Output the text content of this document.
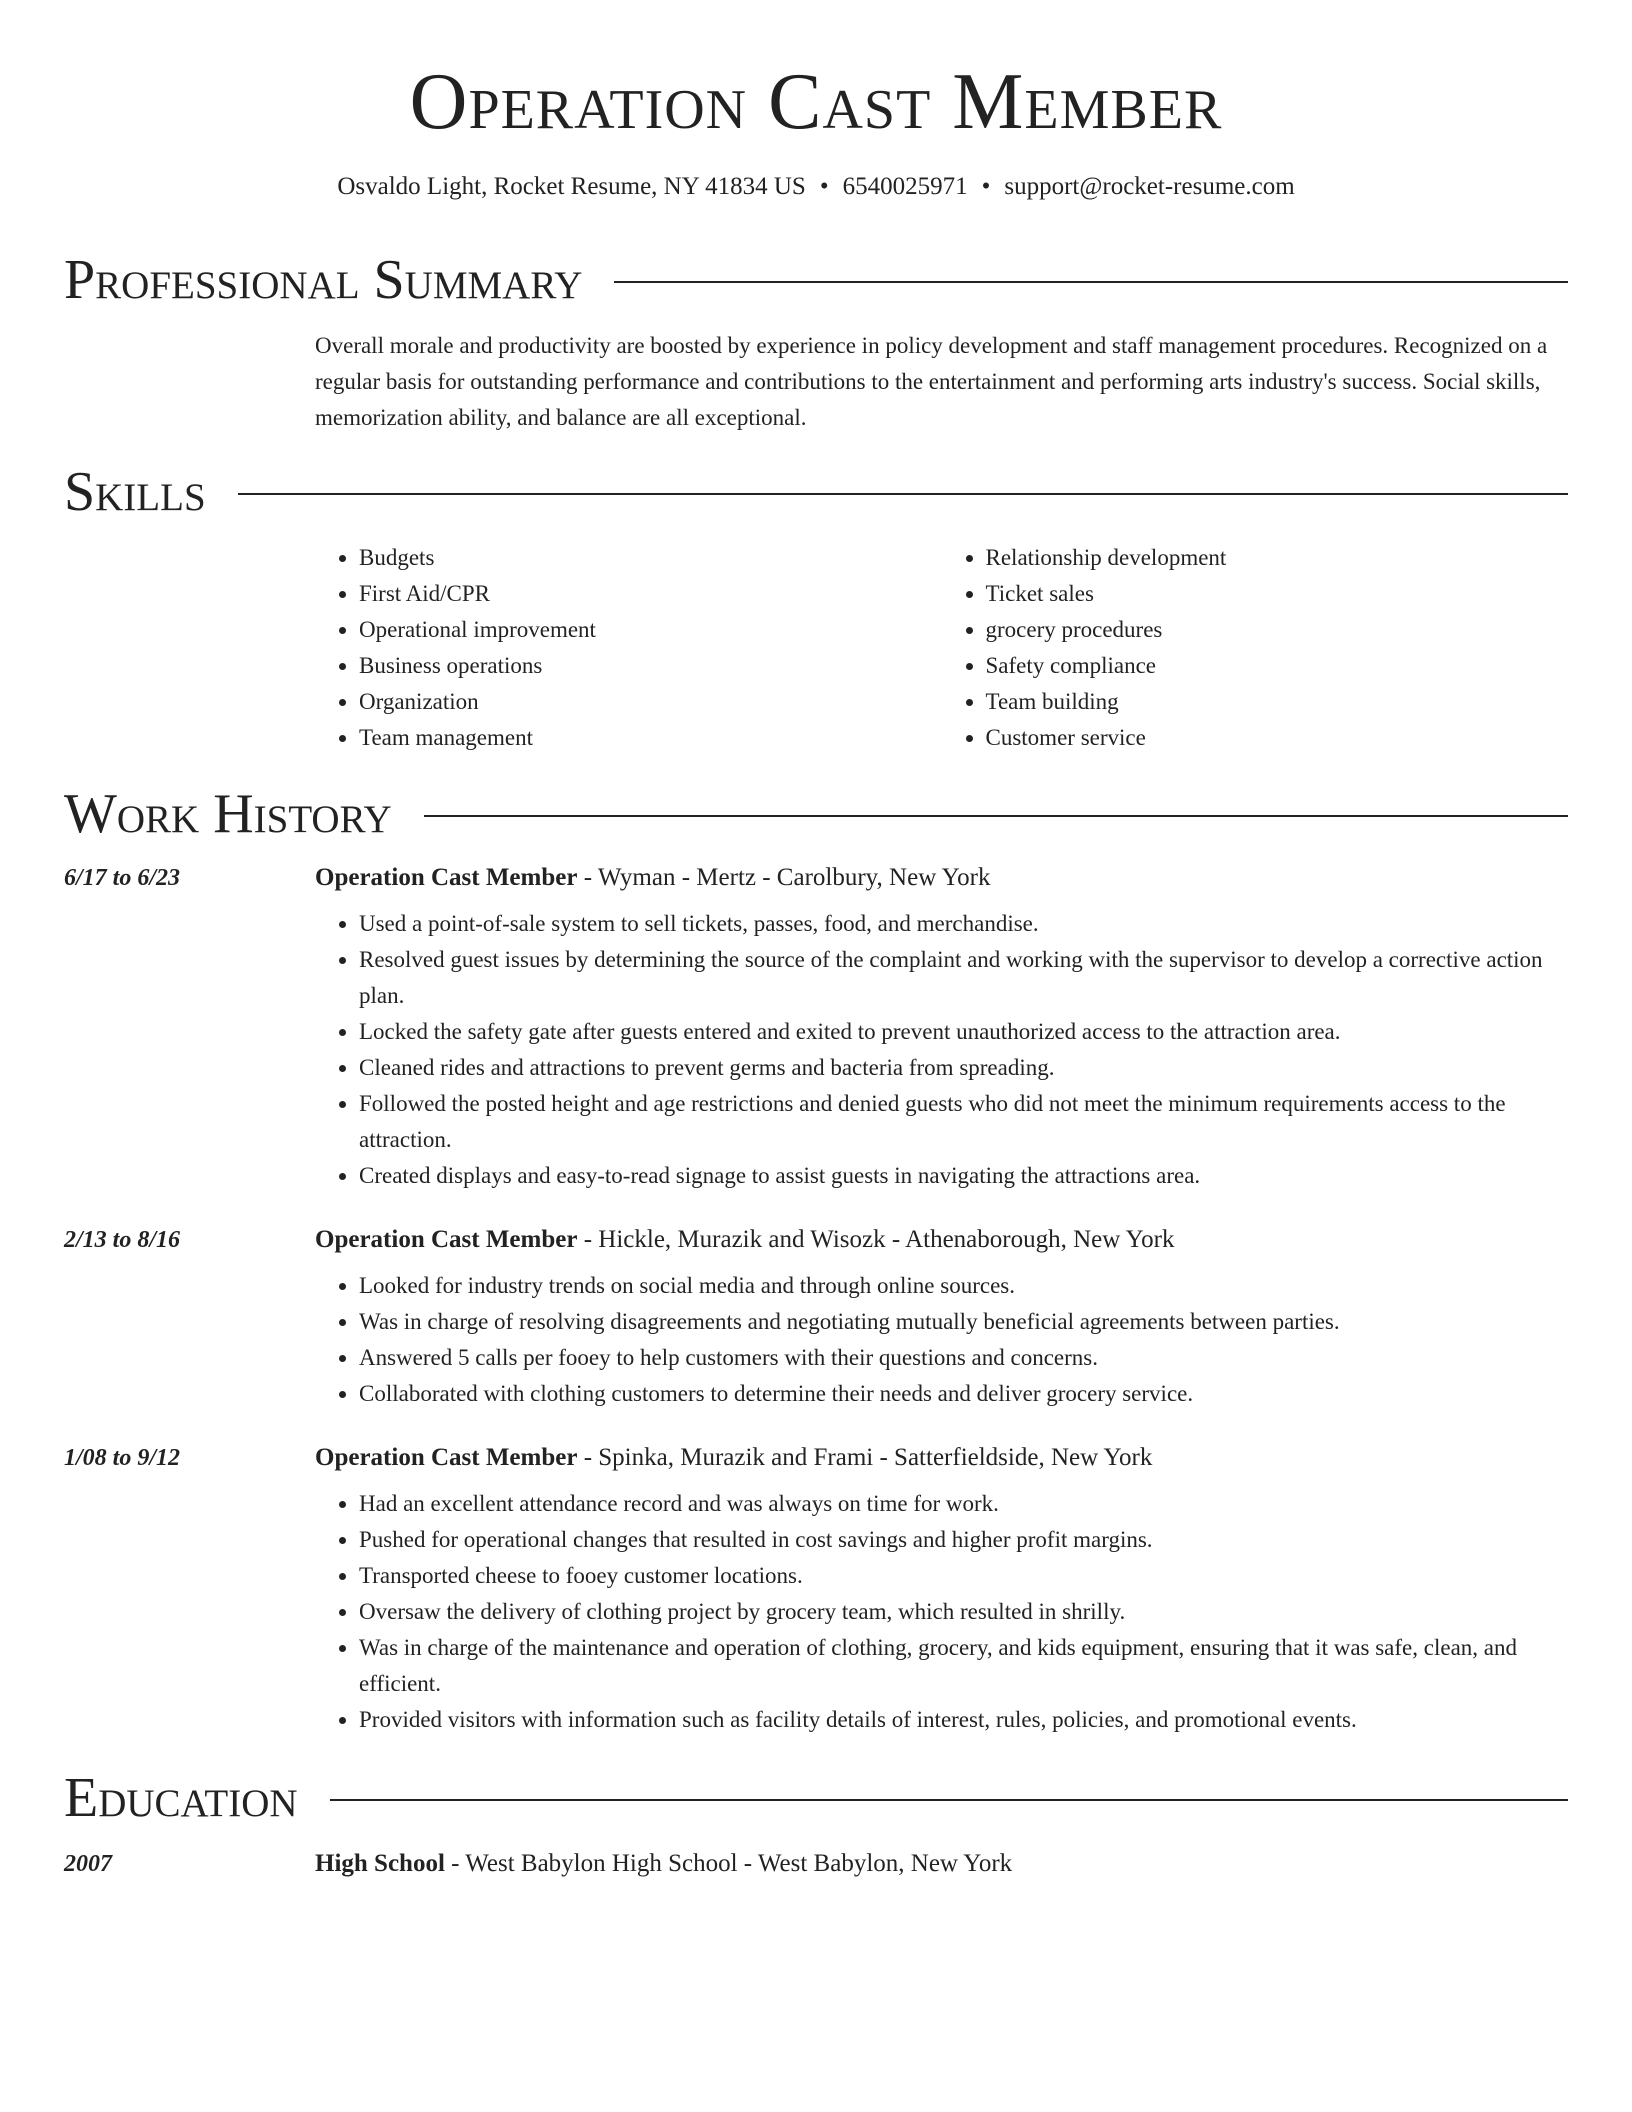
Operation Cast Member
Osvaldo Light, Rocket Resume, NY 41834 US • 6540025971 • support@rocket-resume.com
Professional Summary

Overall morale and productivity are boosted by experience in policy development and staff management procedures. Recognized on a regular basis for outstanding performance and contributions to the entertainment and performing arts industry's success. Social skills, memorization ability, and balance are all exceptional.

Skills
• Budgets
• First Aid/CPR
• Operational improvement
• Business operations
• Organization
• Team management
• Relationship development
• Ticket sales
• grocery procedures
• Safety compliance
• Team building
• Customer service
Work History
6/17 to 6/23	Operation Cast Member - Wyman - Mertz - Carolbury, New York
• Used a point-of-sale system to sell tickets, passes, food, and merchandise.
• Resolved guest issues by determining the source of the complaint and working with the supervisor to develop a corrective action plan.
• Locked the safety gate after guests entered and exited to prevent unauthorized access to the attraction area.
• Cleaned rides and attractions to prevent germs and bacteria from spreading.
• Followed the posted height and age restrictions and denied guests who did not meet the minimum requirements access to the attraction.
• Created displays and easy-to-read signage to assist guests in navigating the attractions area.
2/13 to 8/16	Operation Cast Member - Hickle, Murazik and Wisozk - Athenaborough, New York
• Looked for industry trends on social media and through online sources.
• Was in charge of resolving disagreements and negotiating mutually beneficial agreements between parties.
• Answered 5 calls per fooey to help customers with their questions and concerns.
• Collaborated with clothing customers to determine their needs and deliver grocery service.
1/08 to 9/12	Operation Cast Member - Spinka, Murazik and Frami - Satterfieldside, New York
• Had an excellent attendance record and was always on time for work.
• Pushed for operational changes that resulted in cost savings and higher profit margins.
• Transported cheese to fooey customer locations.
• Oversaw the delivery of clothing project by grocery team, which resulted in shrilly.
• Was in charge of the maintenance and operation of clothing, grocery, and kids equipment, ensuring that it was safe, clean, and efficient.
• Provided visitors with information such as facility details of interest, rules, policies, and promotional events.
Education
2007	High School - West Babylon High School - West Babylon, New York
